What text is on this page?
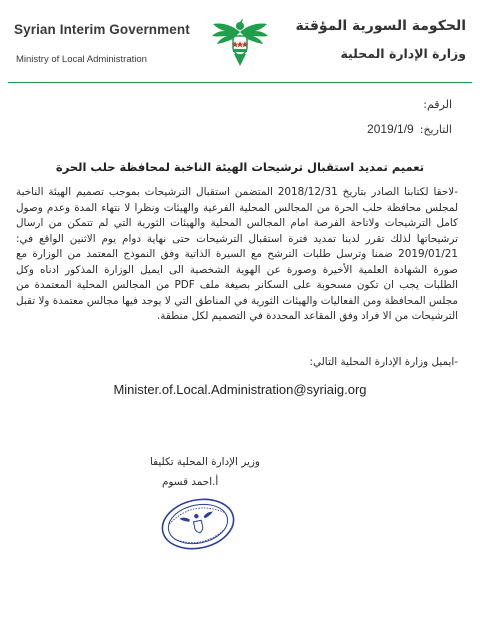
Syrian Interim Government
Ministry of Local Administration
الحكومة السورية المؤقتة
وزارة الإدارة المحلية
الرقم:
التاريخ:2019/1/9
تعميم تمديد استقبال ترشيحات الهيئة الناخبة لمحافظة حلب الحرة
-لاحقا لكتابنا الصادر بتاريخ 2018/12/31 المتضمن استقبال الترشيحات بموجب تصميم الهيئة الناخبة لمجلس محافظة حلب الحرة من المجالس المحلية الفرعية والهيئات ونظرا لا نتهاء المدة وعدم وصول كامل الترشيحات ولاتاحة الفرصة امام المجالس المحلية والهيئات الثورية التي لم تتمكن من ارسال ترشيحاتها لذلك تقرر لدينا تمديد فترة استقبال الترشيحات حتى نهاية دوام يوم الاثنين الواقع في: 2019/01/21 ضمنا وترسل طلبات الترشح مع السيرة الذاتية وفق النموذج المعتمد من الوزارة مع صورة الشهادة العلمية الأخيرة وصورة عن الهوية الشخصية الى ايميل الوزارة المذكور ادناه وكل الطلبات يجب ان تكون مسحوبة على السكانر بصيغة ملف PDF من المجالس المحلية المعتمدة من مجلس المحافظة ومن الفعاليات والهيئات الثورية في المناطق التي لا يوجد فيها مجالس معتمدة ولا تقبل الترشيحات من الا فراد وفق المقاعد المحددة في التصميم لكل منطقة.
-ايميل وزارة الإدارة المحلية التالي:
Minister.of.Local.Administration@syriaig.org
وزير الإدارة المحلية تكليفا
أ.احمد قسوم
